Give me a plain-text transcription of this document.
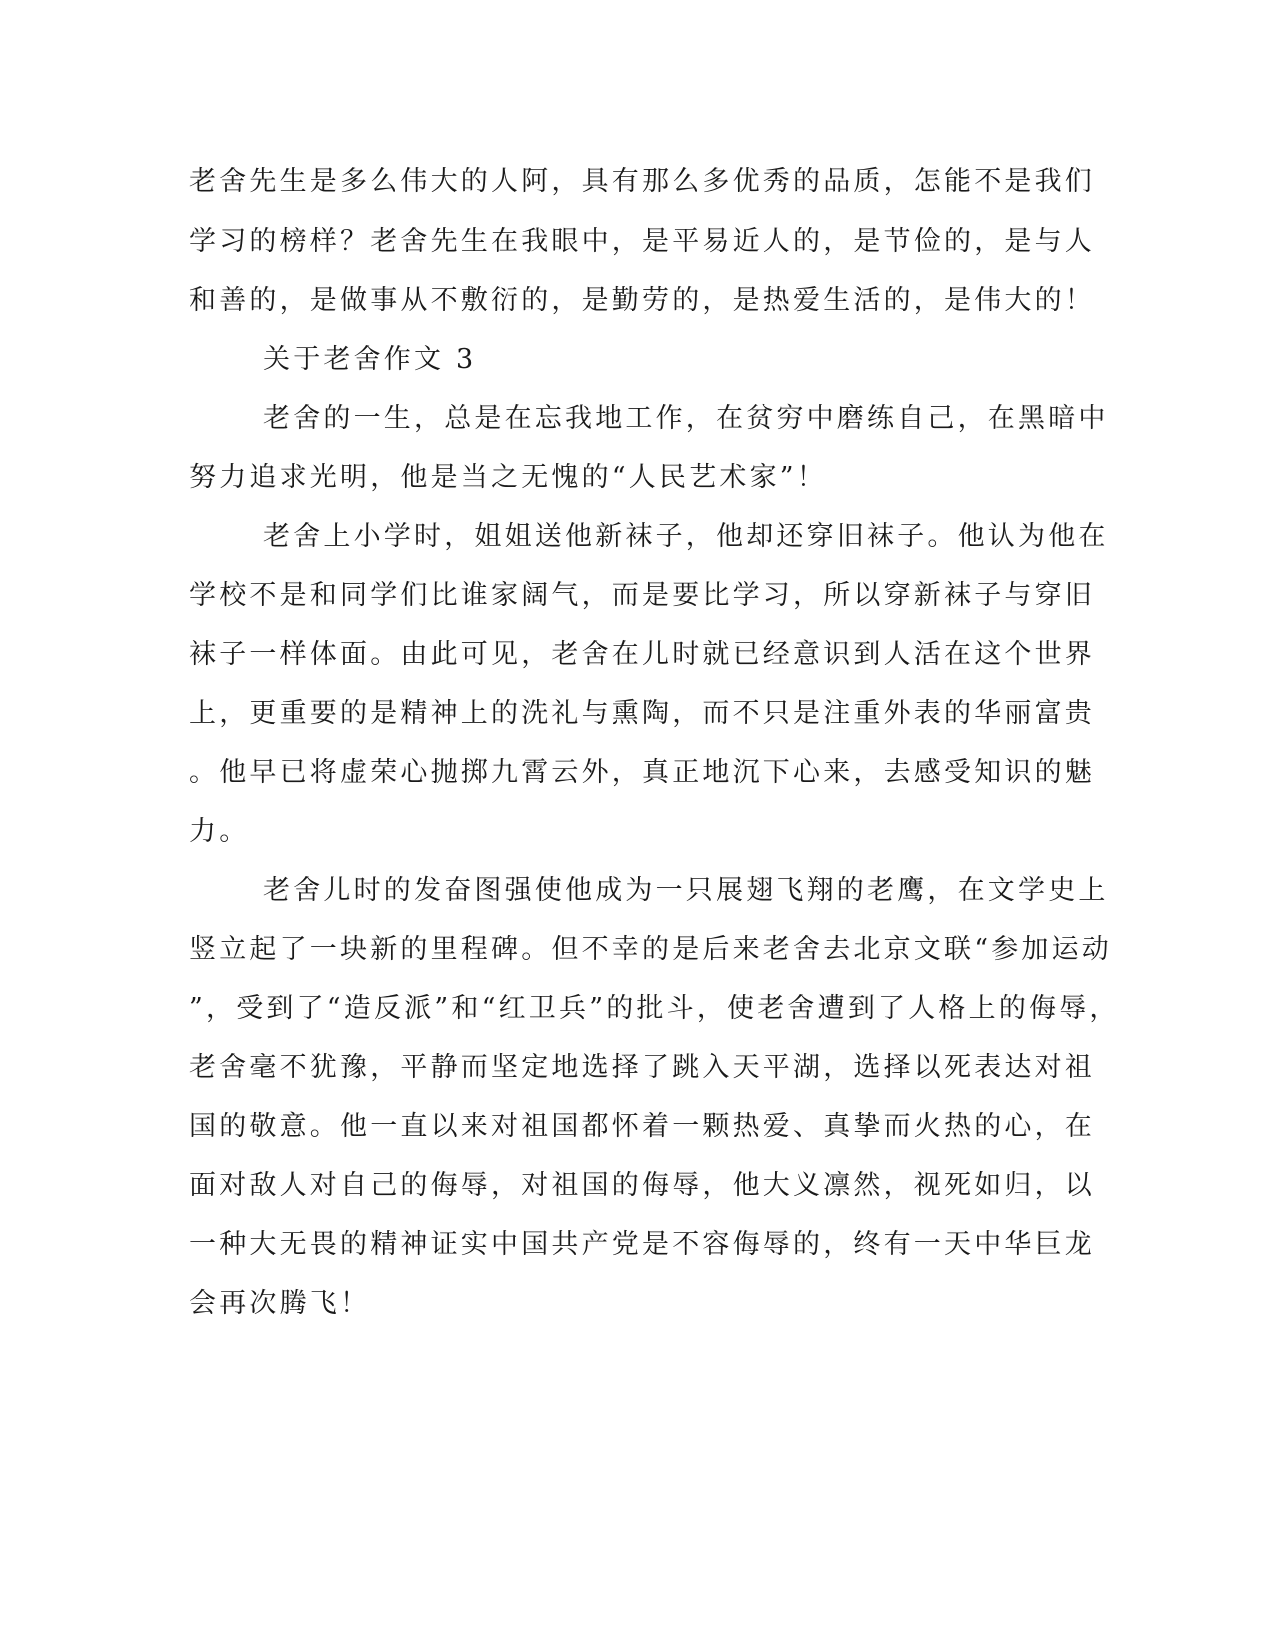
老舍先生是多么伟大的人阿，具有那么多优秀的品质，怎能不是我们
学习的榜样？老舍先生在我眼中，是平易近人的，是节俭的，是与人
和善的，是做事从不敷衍的，是勤劳的，是热爱生活的，是伟大的！
关于老舍作文 3
老舍的一生，总是在忘我地工作，在贫穷中磨练自己，在黑暗中
努力追求光明，他是当之无愧的“人民艺术家”！
老舍上小学时，姐姐送他新袜子，他却还穿旧袜子。他认为他在
学校不是和同学们比谁家阔气，而是要比学习，所以穿新袜子与穿旧
袜子一样体面。由此可见，老舍在儿时就已经意识到人活在这个世界
上，更重要的是精神上的洗礼与熏陶，而不只是注重外表的华丽富贵
。他早已将虚荣心抛掷九霄云外，真正地沉下心来，去感受知识的魅
力。
老舍儿时的发奋图强使他成为一只展翅飞翔的老鹰，在文学史上
竖立起了一块新的里程碑。但不幸的是后来老舍去北京文联“参加运动
”，受到了“造反派”和“红卫兵”的批斗，使老舍遭到了人格上的侮辱，
老舍毫不犹豫，平静而坚定地选择了跳入天平湖，选择以死表达对祖
国的敬意。他一直以来对祖国都怀着一颗热爱、真挚而火热的心，在
面对敌人对自己的侮辱，对祖国的侮辱，他大义凛然，视死如归，以
一种大无畏的精神证实中国共产党是不容侮辱的，终有一天中华巨龙
会再次腾飞！
